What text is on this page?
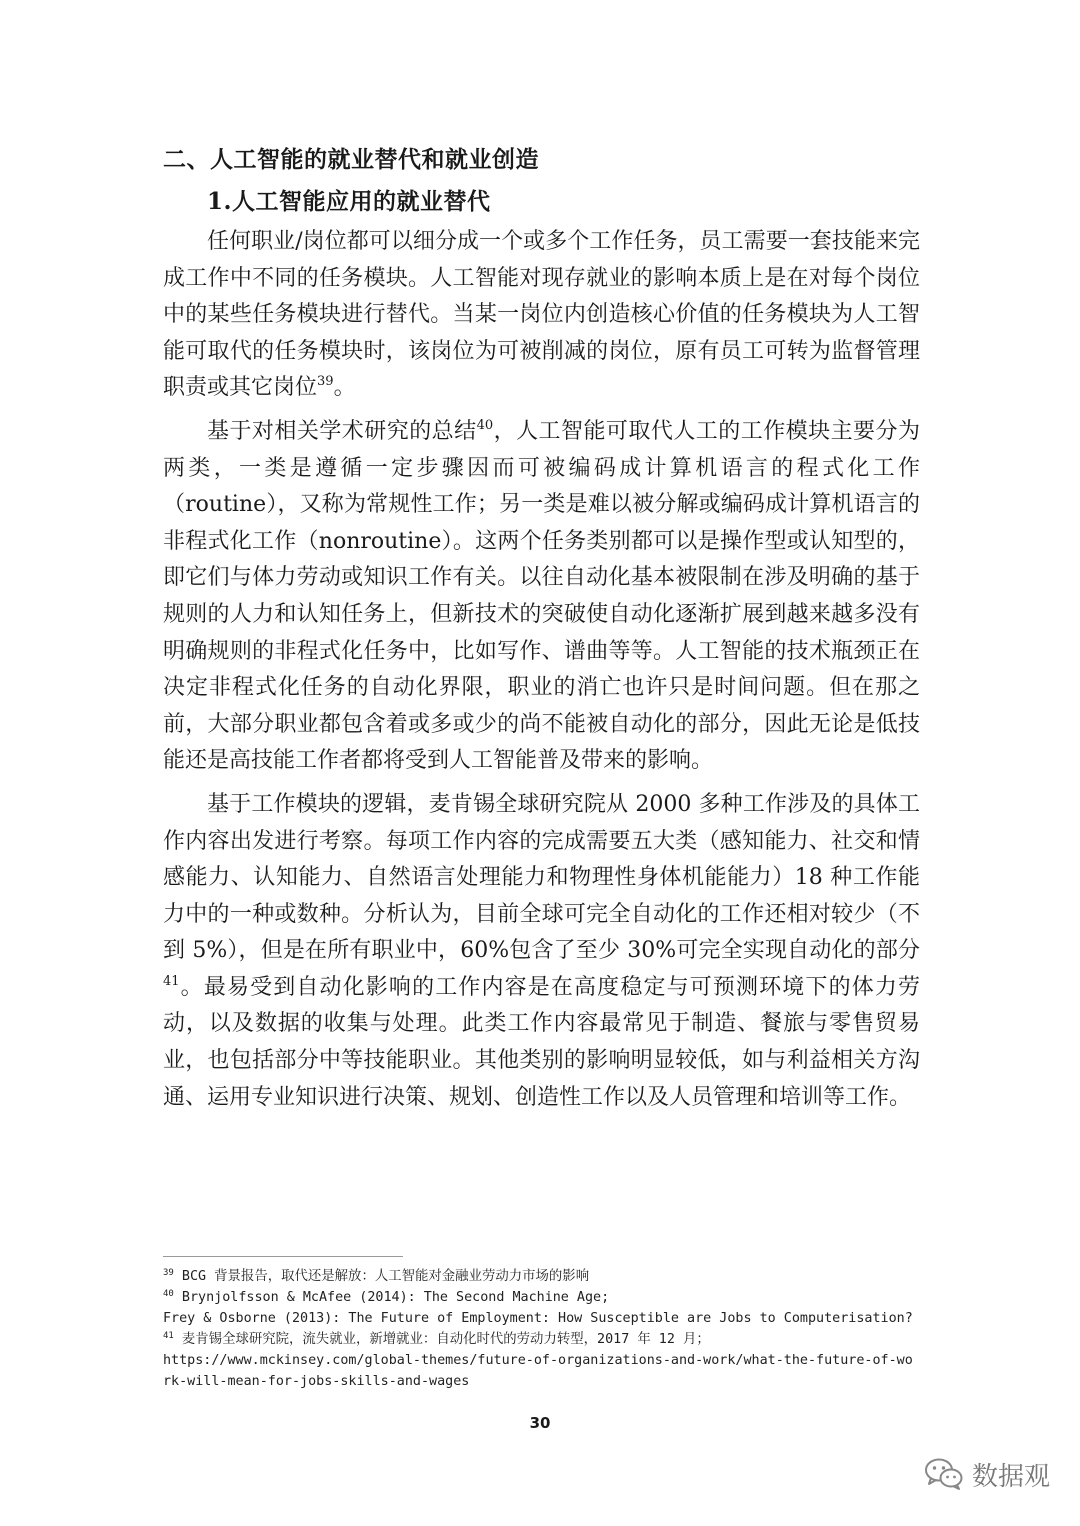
二、人工智能的就业替代和就业创造
1.人工智能应用的就业替代

任何职业/岗位都可以细分成一个或多个工作任务，员工需要一套技能来完成工作中不同的任务模块。人工智能对现存就业的影响本质上是在对每个岗位中的某些任务模块进行替代。当某一岗位内创造核心价值的任务模块为人工智能可取代的任务模块时，该岗位为可被削减的岗位，原有员工可转为监督管理职责或其它岗位$^{39}$。

基于对相关学术研究的总结$^{40}$，人工智能可取代人工的工作模块主要分为两类，一类是遵循一定步骤因而可被编码成计算机语言的程式化工作（routine），又称为常规性工作；另一类是难以被分解或编码成计算机语言的非程式化工作（nonroutine）。这两个任务类别都可以是操作型或认知型的，即它们与体力劳动或知识工作有关。以往自动化基本被限制在涉及明确的基于规则的人力和认知任务上，但新技术的突破使自动化逐渐扩展到越来越多没有明确规则的非程式化任务中，比如写作、谱曲等等。人工智能的技术瓶颈正在决定非程式化任务的自动化界限，职业的消亡也许只是时间问题。但在那之前，大部分职业都包含着或多或少的尚不能被自动化的部分，因此无论是低技能还是高技能工作者都将受到人工智能普及带来的影响。

基于工作模块的逻辑，麦肯锡全球研究院从 2000 多种工作涉及的具体工作内容出发进行考察。每项工作内容的完成需要五大类（感知能力、社交和情感能力、认知能力、自然语言处理能力和物理性身体机能能力）18 种工作能力中的一种或数种。分析认为，目前全球可完全自动化的工作还相对较少（不到 5%），但是在所有职业中，60%包含了至少 30%可完全实现自动化的部分$^{41}$。最易受到自动化影响的工作内容是在高度稳定与可预测环境下的体力劳动，以及数据的收集与处理。此类工作内容最常见于制造、餐旅与零售贸易业，也包括部分中等技能职业。其他类别的影响明显较低，如与利益相关方沟通、运用专业知识进行决策、规划、创造性工作以及人员管理和培训等工作。

$^{39}$ BCG 背景报告，取代还是解放：人工智能对金融业劳动力市场的影响
$^{40}$ Brynjolfsson & McAfee (2014): The Second Machine Age;
Frey & Osborne (2013): The Future of Employment: How Susceptible are Jobs to Computerisation?
$^{41}$ 麦肯锡全球研究院，流失就业，新增就业：自动化时代的劳动力转型，2017 年 12 月；
https://www.mckinsey.com/global-themes/future-of-organizations-and-work/what-the-future-of-work-will-mean-for-jobs-skills-and-wages
30
数据观
